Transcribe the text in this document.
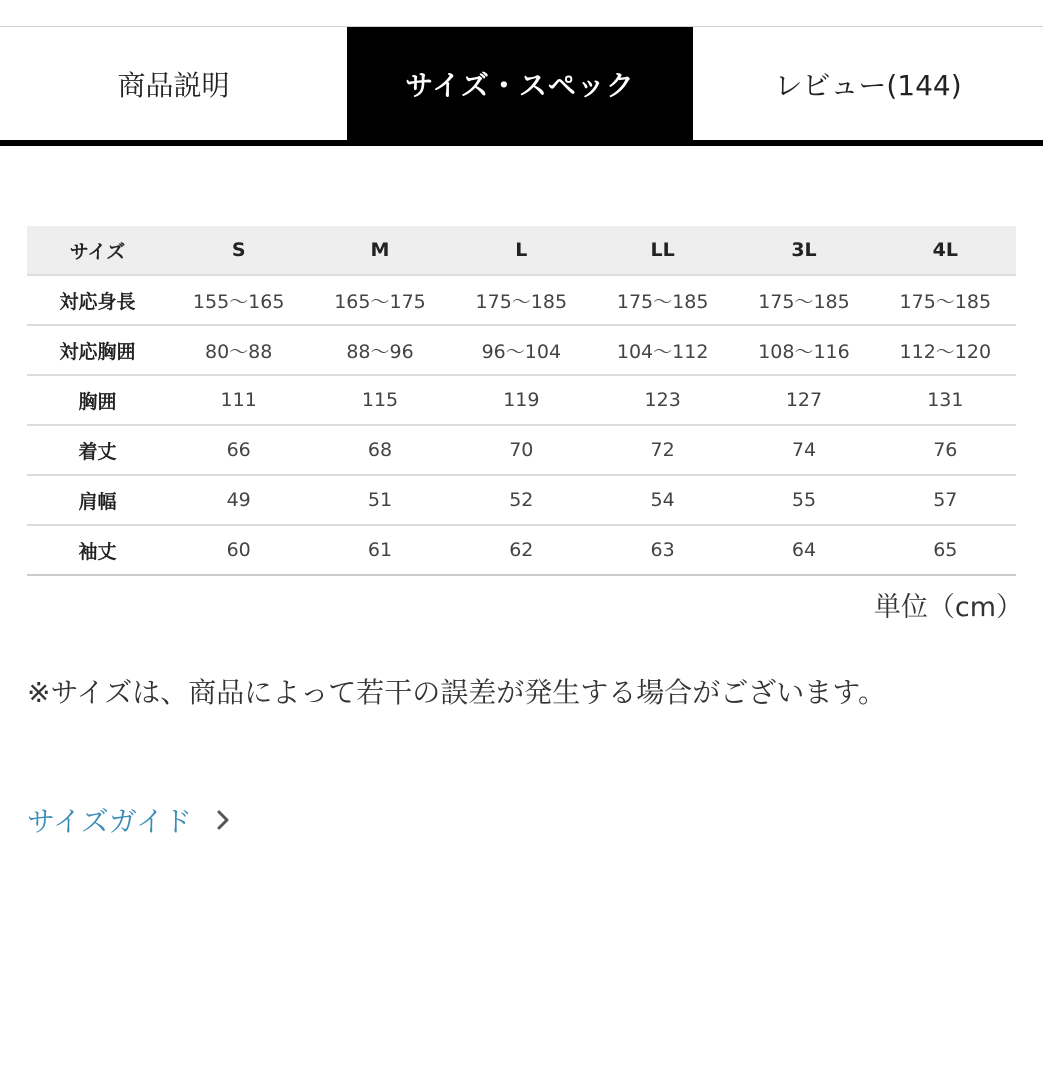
商品説明	サイズ・スペック	レビュー(144)
サイズ	S	M	L	LL	3L	4L
対応身長	155〜165	165〜175	175〜185	175〜185	175〜185	175〜185
対応胸囲	80〜88	88〜96	96〜104	104〜112	108〜116	112〜120
胸囲	111	115	119	123	127	131
着丈	66	68	70	72	74	76
肩幅	49	51	52	54	55	57
袖丈	60	61	62	63	64	65
単位（cm）

※サイズは、商品によって若干の誤差が発生する場合がございます。

サイズガイド
